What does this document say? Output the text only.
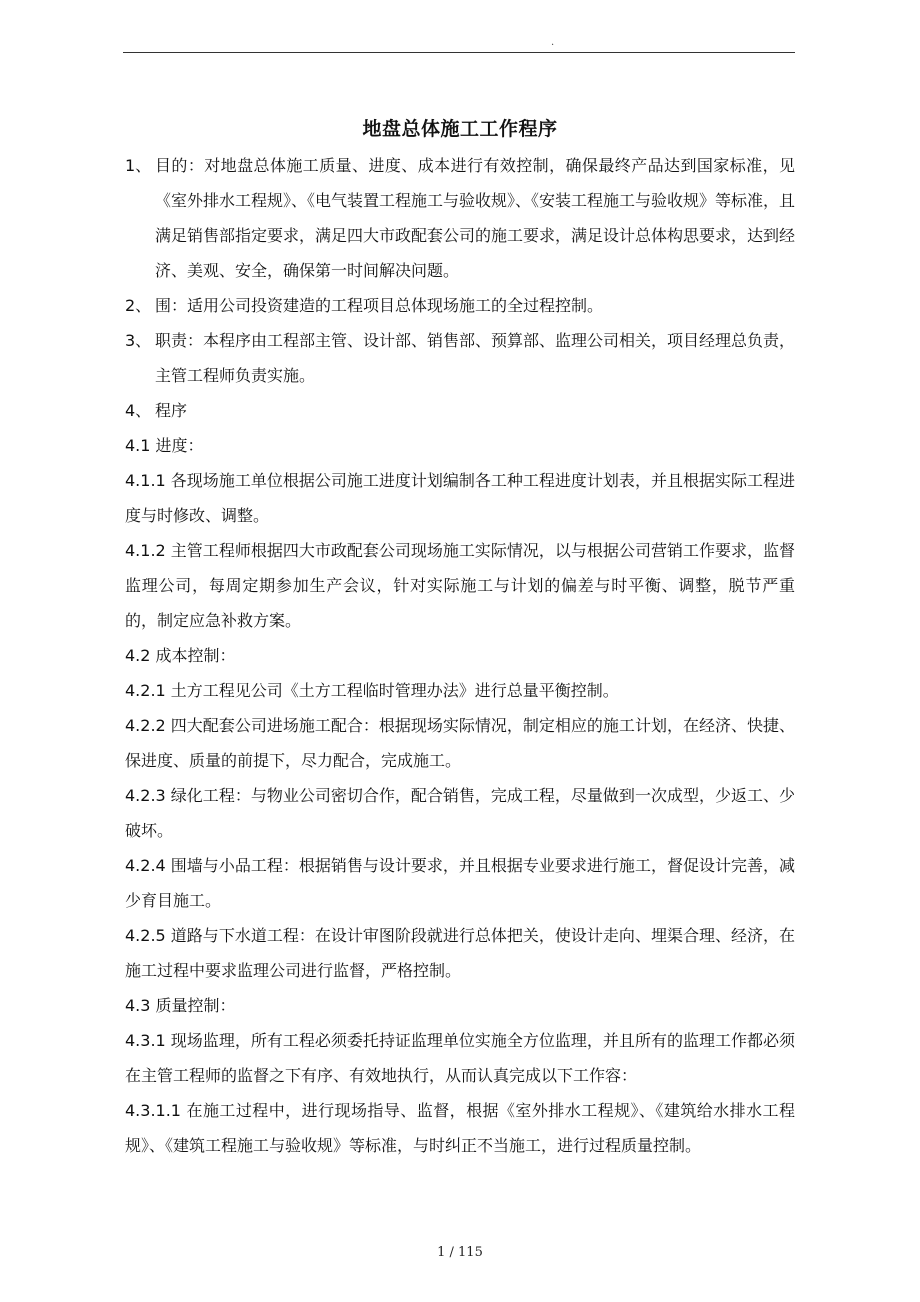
.
地盘总体施工工作程序
1、 目的：对地盘总体施工质量、进度、成本进行有效控制，确保最终产品达到国家标准，见《室外排水工程规》、《电气装置工程施工与验收规》、《安装工程施工与验收规》等标准，且满足销售部指定要求，满足四大市政配套公司的施工要求，满足设计总体构思要求，达到经济、美观、安全，确保第一时间解决问题。
2、 围：适用公司投资建造的工程项目总体现场施工的全过程控制。
3、 职责：本程序由工程部主管、设计部、销售部、预算部、监理公司相关，项目经理总负责，主管工程师负责实施。
4、 程序

4.1 进度：

4.1.1 各现场施工单位根据公司施工进度计划编制各工种工程进度计划表，并且根据实际工程进度与时修改、调整。

4.1.2 主管工程师根据四大市政配套公司现场施工实际情况，以与根据公司营销工作要求，监督监理公司，每周定期参加生产会议，针对实际施工与计划的偏差与时平衡、调整，脱节严重的，制定应急补救方案。

4.2 成本控制：

4.2.1 土方工程见公司《土方工程临时管理办法》进行总量平衡控制。

4.2.2 四大配套公司进场施工配合：根据现场实际情况，制定相应的施工计划，在经济、快捷、保进度、质量的前提下，尽力配合，完成施工。

4.2.3 绿化工程：与物业公司密切合作，配合销售，完成工程，尽量做到一次成型，少返工、少破坏。

4.2.4 围墙与小品工程：根据销售与设计要求，并且根据专业要求进行施工，督促设计完善，减少育目施工。

4.2.5 道路与下水道工程：在设计审图阶段就进行总体把关，使设计走向、埋渠合理、经济，在施工过程中要求监理公司进行监督，严格控制。

4.3 质量控制：

4.3.1 现场监理，所有工程必须委托持证监理单位实施全方位监理，并且所有的监理工作都必须在主管工程师的监督之下有序、有效地执行，从而认真完成以下工作容：

4.3.1.1 在施工过程中，进行现场指导、监督，根据《室外排水工程规》、《建筑给水排水工程规》、《建筑工程施工与验收规》等标准，与时纠正不当施工，进行过程质量控制。

1 / 115
